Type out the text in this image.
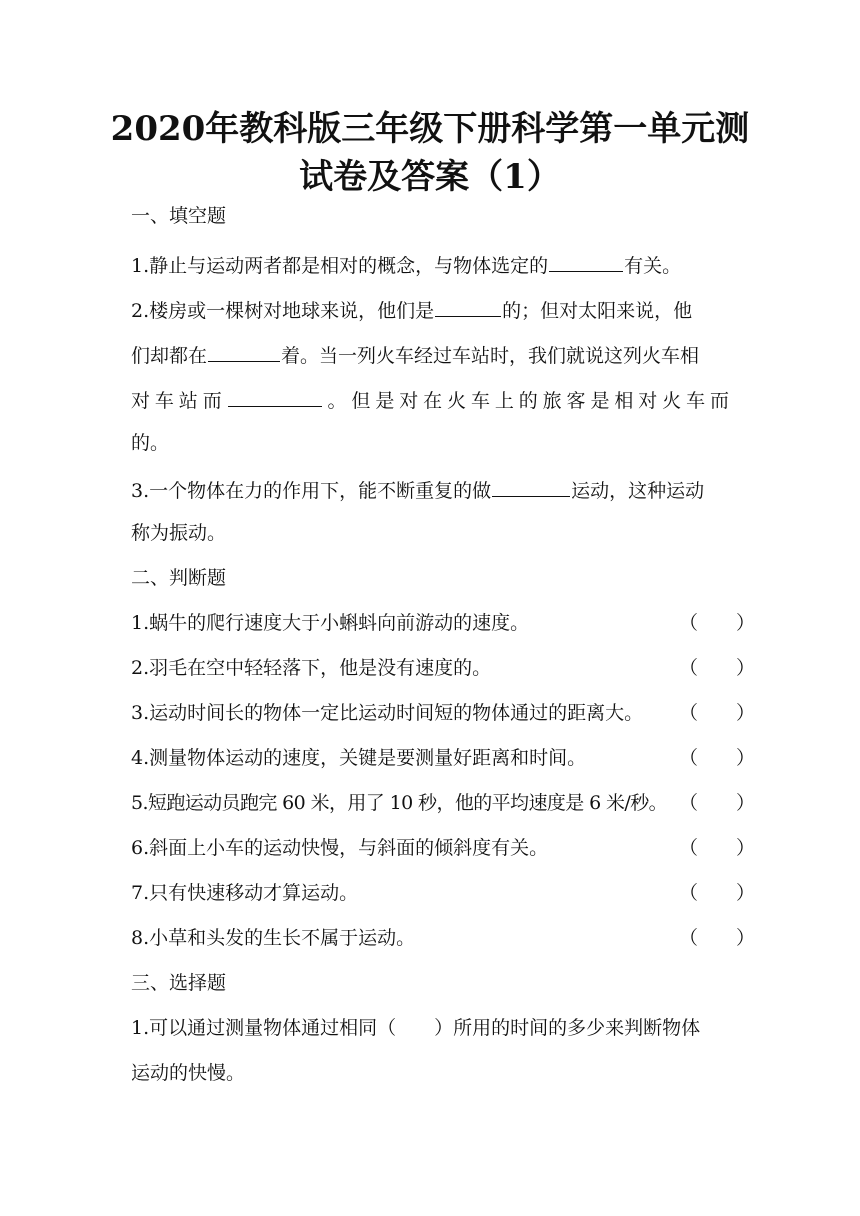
2020年教科版三年级下册科学第一单元测
试卷及答案（1）
一、填空题
1.静止与运动两者都是相对的概念，与物体选定的	有关。
2.楼房或一棵树对地球来说，他们是	的；但对太阳来说，他
们却都在	着。当一列火车经过车站时，我们就说这列火车相
对车站而	。但是对在火车上的旅客是相对火车而
的。
3.一个物体在力的作用下，能不断重复的做	运动，这种运动
称为振动。
二、判断题
1.蜗牛的爬行速度大于小蝌蚪向前游动的速度。	（　　）
2.羽毛在空中轻轻落下，他是没有速度的。	（　　）
3.运动时间长的物体一定比运动时间短的物体通过的距离大。 （　　）
4.测量物体运动的速度，关键是要测量好距离和时间。	（　　）
5.短跑运动员跑完 60 米，用了 10 秒，他的平均速度是 6 米/秒。 （　　）
6.斜面上小车的运动快慢，与斜面的倾斜度有关。	（　　）
7.只有快速移动才算运动。	（　　）
8.小草和头发的生长不属于运动。	（　　）
三、选择题
1.可以通过测量物体通过相同（　　）所用的时间的多少来判断物体
运动的快慢。
